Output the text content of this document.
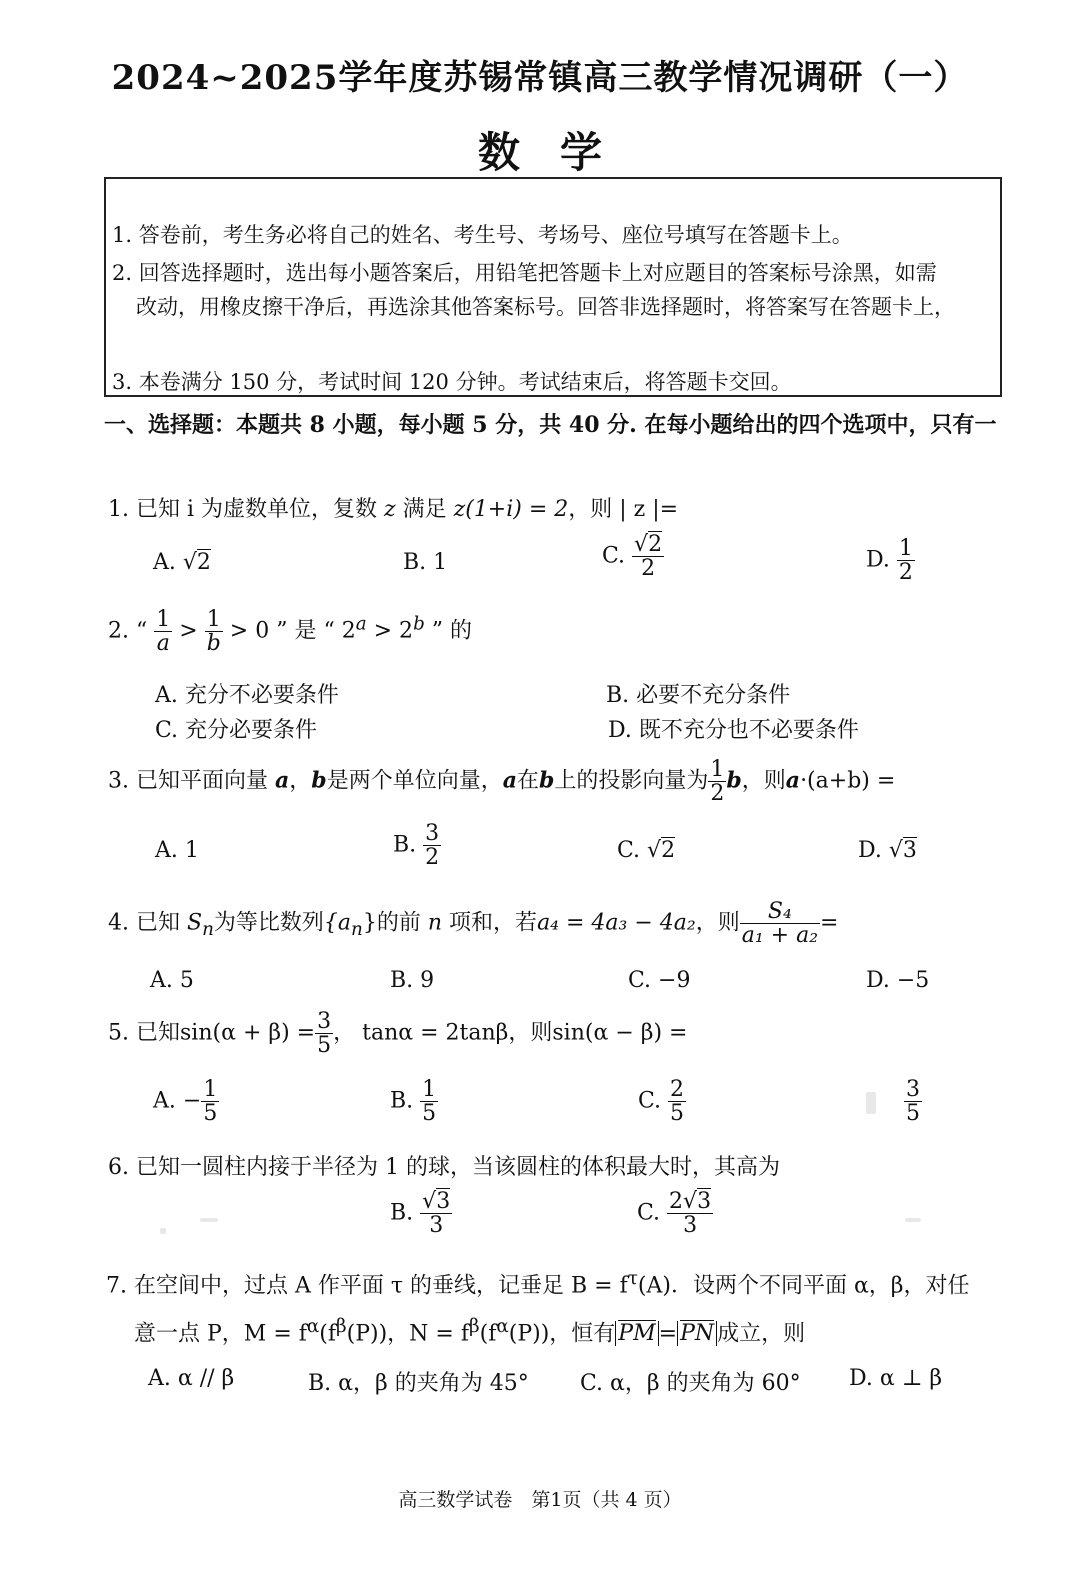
2024~2025学年度苏锡常镇高三教学情况调研（一）
数学
1. 答卷前，考生务必将自己的姓名、考生号、考场号、座位号填写在答题卡上。
2. 回答选择题时，选出每小题答案后，用铅笔把答题卡上对应题目的答案标号涂黑，如需
改动，用橡皮擦干净后，再选涂其他答案标号。回答非选择题时，将答案写在答题卡上，
3. 本卷满分 150 分，考试时间 120 分钟。考试结束后，将答题卡交回。
一、选择题：本题共 8 小题，每小题 5 分，共 40 分. 在每小题给出的四个选项中，只有一
1. 已知 i 为虚数单位，复数 z 满足 z(1+i) = 2，则 | z |=
A. √2	B. 1	C. $\frac{√2}{2}$	D. $\frac{1}{2}$
2. “ $\frac{1}{a} > \frac{1}{b} > 0$ ” 是 “ $2^a > 2^b$ ” 的
A. 充分不必要条件	B. 必要不充分条件
C. 充分必要条件	D. 既不充分也不必要条件
3. 已知平面向量 a，b是两个单位向量，a在b上的投影向量为 $\frac{1}{2}$ b，则a·(a+b) =
A. 1	B. $\frac{3}{2}$	C. √2	D. √3
4. 已知 $S_n$为等比数列$\{a_n\}$的前 n 项和，若a₄ = 4a₃ − 4a₂，则 $\frac{\text{S₄}}{\text{a₁ + a₂}}$ =
A. 5	B. 9	C. −9	D. −5
5. 已知$\sin(\alpha + \beta) = \frac{3}{5}$ ， tanα = 2tanβ，则sin(α − β) =
A. − $\frac{1}{5}$	B. $\frac{1}{5}$	C. $\frac{2}{5}$	$\frac{3}{5}$
6. 已知一圆柱内接于半径为 1 的球，当该圆柱的体积最大时，其高为
B. $\frac{√3}{3}$	C. $\frac{2√3}{3}$
7. 在空间中，过点 A 作平面 τ 的垂线，记垂足 $B = f^\tau(A)$．设两个不同平面 α，β，对任
意一点 P，$M = f^\alpha(f^\beta(P))$，$N = f^\beta(f^\alpha(P))$，恒有 PM = PN 成立，则
A. α // β	B. α，β 的夹角为 45° C. α，β 的夹角为 60° D. α ⊥ β
高三数学试卷　第1页（共 4 页）
